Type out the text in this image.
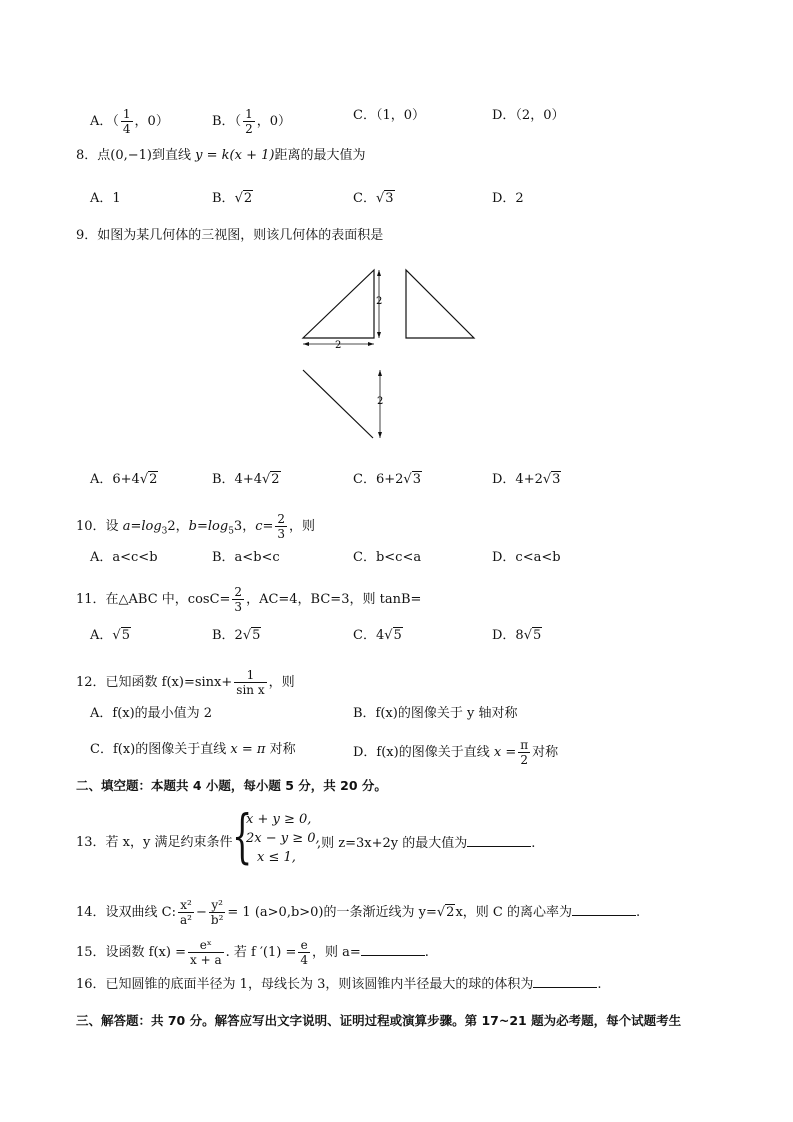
A．（ $\frac{1}{4}$ ，0）	B．（ $\frac{1}{2}$ ，0）	C．（1，0）	D．（2，0）
8．点(0,−1)到直线 y = k(x + 1)距离的最大值为
A．1	B．√2	C．√3	D．2
9．如图为某几何体的三视图，则该几何体的表面积是
2
2
2
A．6+4√2	B．4+4√2	C．6+2√3	D．4+2√3
10．设 $a=\log_32$，$b=\log_53$，$c= \frac{2}{3}$ ，则
A．a<c<b	B．a<b<c	C．b<c<a	D．c<a<b
11．在△ABC 中，$\cos C= \frac{2}{3}$ ，AC=4，BC=3，则 tanB=
A．√5	B．2√5	C．4√5	D．8√5
12．已知函数 $f(x)=\sin x+ \frac{1}{\text{sin x}}$ ，则
A．f(x)的最小值为 2	B．f(x)的图像关于 y 轴对称
C．f(x)的图像关于直线 x = π 对称	D．f(x)的图像关于直线 $x = \frac{\pi}{2}$ 对称
二、填空题：本题共 4 小题，每小题 5 分，共 20 分。
13．若 x，y 满足约束条件 {
x + y ≥ 0,
2x − y ≥ 0,
x ≤ 1,
,则 z=3x+2y 的最大值为	.
14．设双曲线 C: $\frac{\text{x²}}{\text{a²}} - \frac{\text{y²}}{\text{b²}} = 1$ (a>0,b>0)的一条渐近线为 y=√2x，则 C 的离心率为	.
15．设函数 $f(x) = \frac{\text{eˣ}}{x + a}$ . 若 f $'(1) = \frac{e}{4}$ ，则 a=	.
16．已知圆锥的底面半径为 1，母线长为 3，则该圆锥内半径最大的球的体积为	.
三、解答题：共 70 分。解答应写出文字说明、证明过程或演算步骤。第 17~21 题为必考题，每个试题考生
